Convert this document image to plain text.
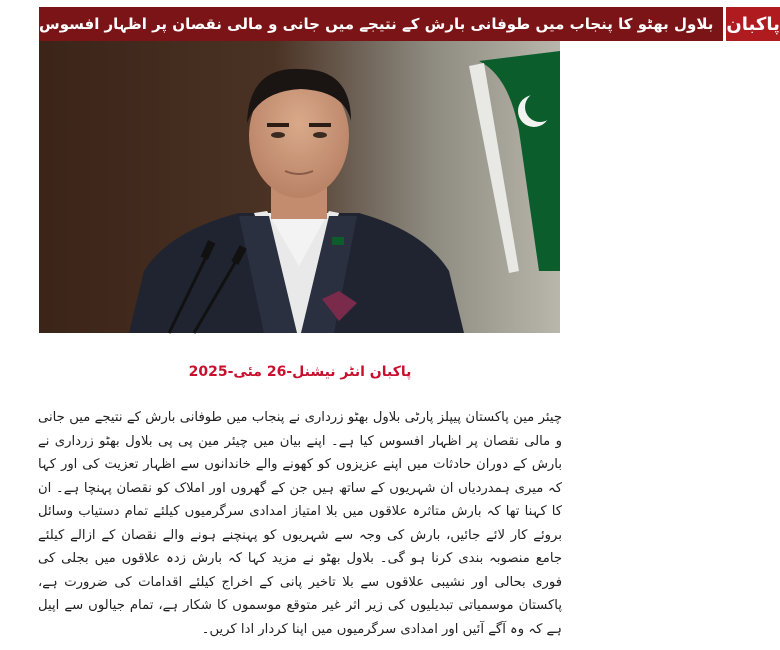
بلاول بھٹو کا پنجاب میں طوفانی بارش کے نتیجے میں جانی و مالی نقصان پر اظہار افسوس پاکبان
پاکبان انٹر نیشنل-26 مئی-2025
چیئر مین پاکستان پیپلز پارٹی بلاول بھٹو زرداری نے پنجاب میں طوفانی بارش کے نتیجے میں جانی و مالی نقصان پر اظہار افسوس کیا ہے۔ اپنے بیان میں چیئر مین پی پی بلاول بھٹو زرداری نے بارش کے دوران حادثات میں اپنے عزیزوں کو کھونے والے خاندانوں سے اظہار تعزیت کی اور کہا کہ میری ہمدردیاں ان شہریوں کے ساتھ ہیں جن کے گھروں اور املاک کو نقصان پہنچا ہے۔ ان کا کہنا تھا کہ بارش متاثرہ علاقوں میں بلا امتیاز امدادی سرگرمیوں کیلئے تمام دستیاب وسائل بروئے کار لائے جائیں، بارش کی وجہ سے شہریوں کو پہنچنے ہونے والے نقصان کے ازالے کیلئے جامع منصوبہ بندی کرنا ہو گی۔ بلاول بھٹو نے مزید کہا کہ بارش زدہ علاقوں میں بجلی کی فوری بحالی اور نشیبی علاقوں سے بلا تاخیر پانی کے اخراج کیلئے اقدامات کی ضرورت ہے، پاکستان موسمیاتی تبدیلیوں کی زیر اثر غیر متوقع موسموں کا شکار ہے، تمام جیالوں سے اپیل ہے کہ وہ آگے آئیں اور امدادی سرگرمیوں میں اپنا کردار ادا کریں۔
